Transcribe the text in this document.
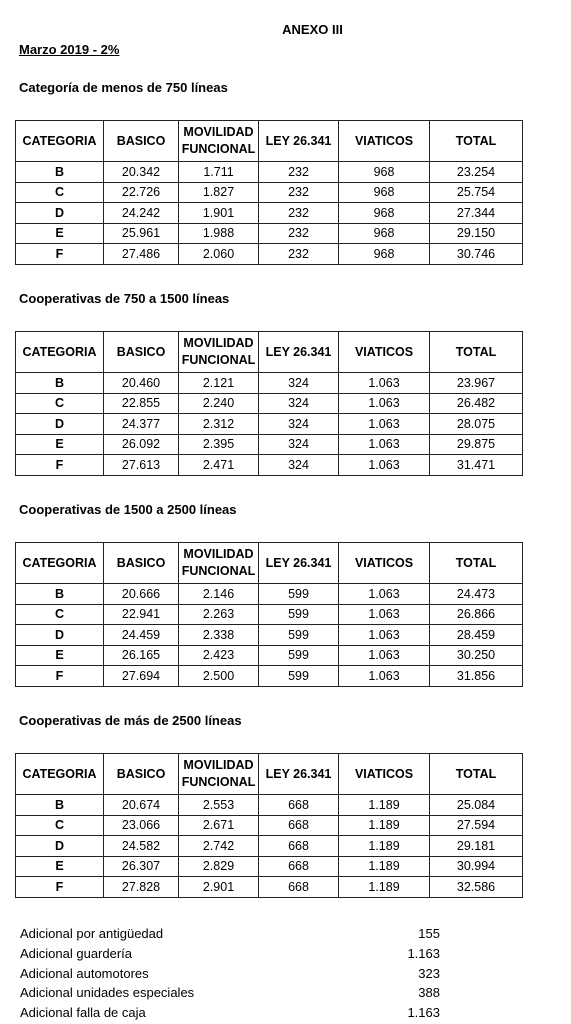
ANEXO III
Marzo 2019 - 2%
Categoría de menos de 750 líneas
CATEGORIA	BASICO	MOVILIDAD FUNCIONAL	LEY 26.341	VIATICOS	TOTAL
B	20.342	1.711	232	968	23.254
C	22.726	1.827	232	968	25.754
D	24.242	1.901	232	968	27.344
E	25.961	1.988	232	968	29.150
F	27.486	2.060	232	968	30.746
Cooperativas de 750 a 1500 líneas
CATEGORIA	BASICO	MOVILIDAD FUNCIONAL	LEY 26.341	VIATICOS	TOTAL
B	20.460	2.121	324	1.063	23.967
C	22.855	2.240	324	1.063	26.482
D	24.377	2.312	324	1.063	28.075
E	26.092	2.395	324	1.063	29.875
F	27.613	2.471	324	1.063	31.471
Cooperativas de 1500 a 2500 líneas
CATEGORIA	BASICO	MOVILIDAD FUNCIONAL	LEY 26.341	VIATICOS	TOTAL
B	20.666	2.146	599	1.063	24.473
C	22.941	2.263	599	1.063	26.866
D	24.459	2.338	599	1.063	28.459
E	26.165	2.423	599	1.063	30.250
F	27.694	2.500	599	1.063	31.856
Cooperativas de más de 2500 líneas
CATEGORIA	BASICO	MOVILIDAD FUNCIONAL	LEY 26.341	VIATICOS	TOTAL
B	20.674	2.553	668	1.189	25.084
C	23.066	2.671	668	1.189	27.594
D	24.582	2.742	668	1.189	29.181
E	26.307	2.829	668	1.189	30.994
F	27.828	2.901	668	1.189	32.586
Adicional por antigüedad	155
Adicional guardería	1.163
Adicional automotores	323
Adicional unidades especiales	388
Adicional falla de caja	1.163
